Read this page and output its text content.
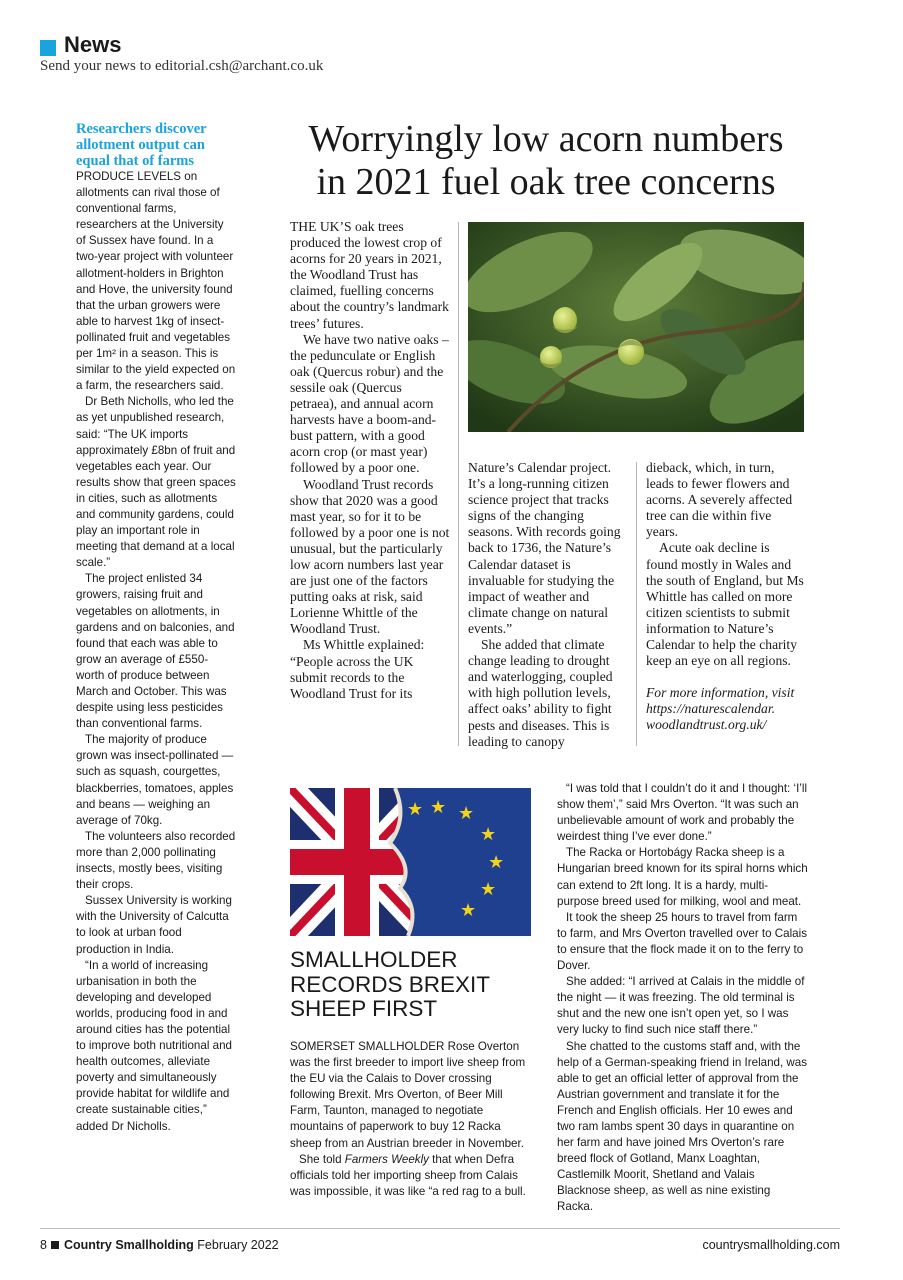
News
Send your news to editorial.csh@archant.co.uk
Researchers discover allotment output can equal that of farms

PRODUCE LEVELS on allotments can rival those of conventional farms, researchers at the University of Sussex have found. In a two-year project with volunteer allotment-holders in Brighton and Hove, the university found that the urban growers were able to harvest 1kg of insect-pollinated fruit and vegetables per 1m² in a season. This is similar to the yield expected on a farm, the researchers said.

Dr Beth Nicholls, who led the as yet unpublished research, said: “The UK imports approximately £8bn of fruit and vegetables each year. Our results show that green spaces in cities, such as allotments and community gardens, could play an important role in meeting that demand at a local scale.”

The project enlisted 34 growers, raising fruit and vegetables on allotments, in gardens and on balconies, and found that each was able to grow an average of £550-worth of produce between March and October. This was despite using less pesticides than conventional farms.

The majority of produce grown was insect-pollinated — such as squash, courgettes, blackberries, tomatoes, apples and beans — weighing an average of 70kg.

The volunteers also recorded more than 2,000 pollinating insects, mostly bees, visiting their crops.

Sussex University is working with the University of Calcutta to look at urban food production in India.

“In a world of increasing urbanisation in both the developing and developed worlds, producing food in and around cities has the potential to improve both nutritional and health outcomes, alleviate poverty and simultaneously provide habitat for wildlife and create sustainable cities,” added Dr Nicholls.

Worryingly low acorn numbers
in 2021 fuel oak tree concerns

THE UK’S oak trees produced the lowest crop of acorns for 20 years in 2021, the Woodland Trust has claimed, fuelling concerns about the country’s landmark trees’ futures.

We have two native oaks – the pedunculate or English oak (Quercus robur) and the sessile oak (Quercus petraea), and annual acorn harvests have a boom-and-bust pattern, with a good acorn crop (or mast year) followed by a poor one.

Woodland Trust records show that 2020 was a good mast year, so for it to be followed by a poor one is not unusual, but the particularly low acorn numbers last year are just one of the factors putting oaks at risk, said Lorienne Whittle of the Woodland Trust.

Ms Whittle explained: “People across the UK submit records to the Woodland Trust for its

Nature’s Calendar project. It’s a long-running citizen science project that tracks signs of the changing seasons. With records going back to 1736, the Nature’s Calendar dataset is invaluable for studying the impact of weather and climate change on natural events.”

She added that climate change leading to drought and waterlogging, coupled with high pollution levels, affect oaks’ ability to fight pests and diseases. This is leading to canopy

dieback, which, in turn, leads to fewer flowers and acorns. A severely affected tree can die within five years.

Acute oak decline is found mostly in Wales and the south of England, but Ms Whittle has called on more citizen scientists to submit information to Nature’s Calendar to help the charity keep an eye on all regions.

For more information, visit
https://naturescalendar.
woodlandtrust.org.uk/

★ ★ ★
★
★
★
★
SMALLHOLDER
RECORDS BREXIT
SHEEP FIRST

SOMERSET SMALLHOLDER Rose Overton was the first breeder to import live sheep from the EU via the Calais to Dover crossing following Brexit. Mrs Overton, of Beer Mill Farm, Taunton, managed to negotiate mountains of paperwork to buy 12 Racka sheep from an Austrian breeder in November.

She told Farmers Weekly that when Defra officials told her importing sheep from Calais was impossible, it was like “a red rag to a bull.

“I was told that I couldn’t do it and I thought: ‘I’ll show them’,” said Mrs Overton. “It was such an unbelievable amount of work and probably the weirdest thing I’ve ever done.”

The Racka or Hortobágy Racka sheep is a Hungarian breed known for its spiral horns which can extend to 2ft long. It is a hardy, multi-purpose breed used for milking, wool and meat.

It took the sheep 25 hours to travel from farm to farm, and Mrs Overton travelled over to Calais to ensure that the flock made it on to the ferry to Dover.

She added: “I arrived at Calais in the middle of the night — it was freezing. The old terminal is shut and the new one isn’t open yet, so I was very lucky to find such nice staff there.”

She chatted to the customs staff and, with the help of a German-speaking friend in Ireland, was able to get an official letter of approval from the Austrian government and translate it for the French and English officials. Her 10 ewes and two ram lambs spent 30 days in quarantine on her farm and have joined Mrs Overton’s rare breed flock of Gotland, Manx Loaghtan, Castlemilk Moorit, Shetland and Valais Blacknose sheep, as well as nine existing Racka.

8 Country Smallholding February 2022	countrysmallholding.com
